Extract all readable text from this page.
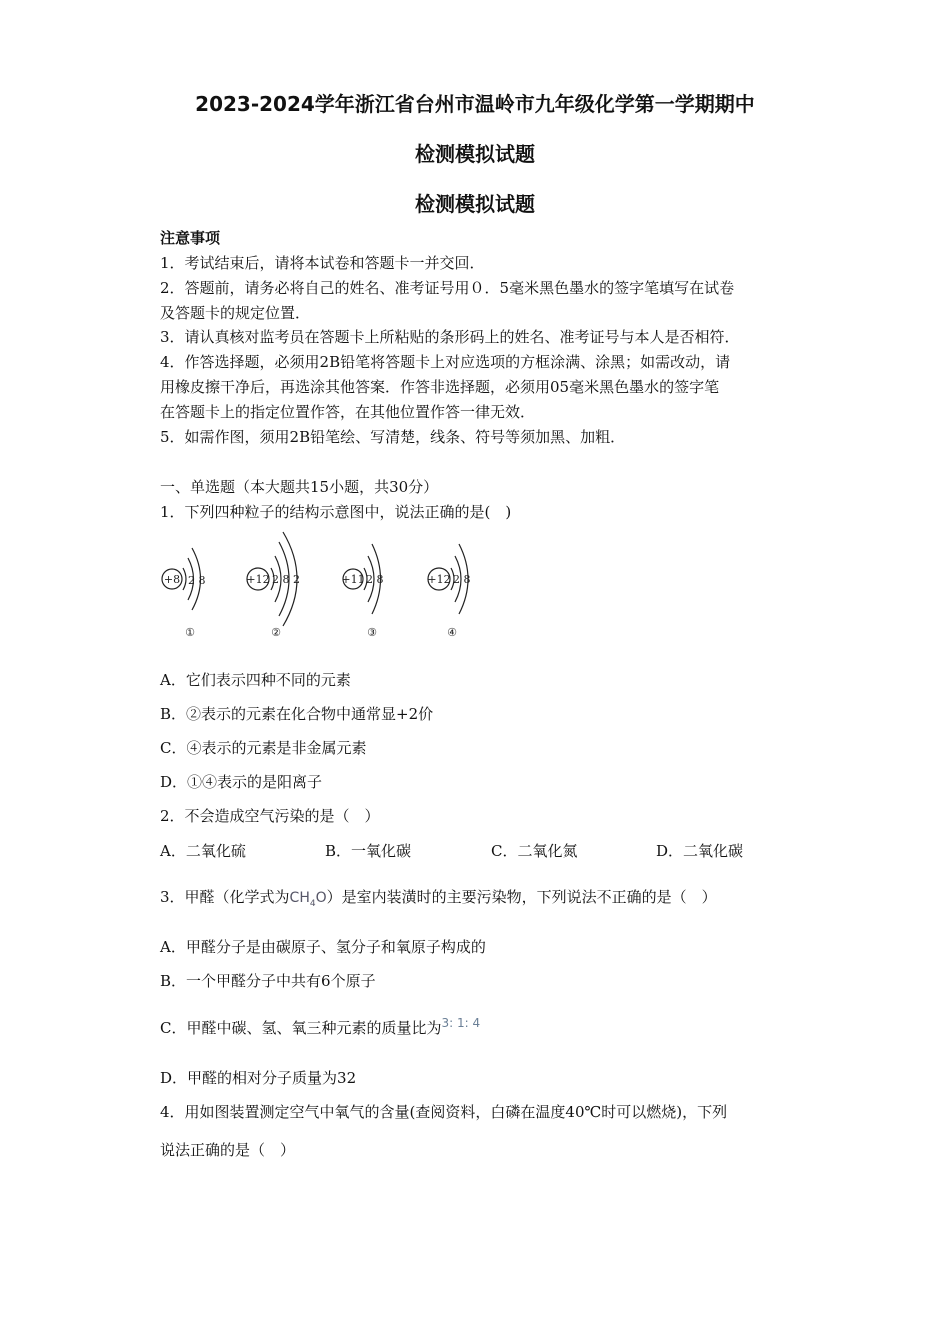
2023-2024学年浙江省台州市温岭市九年级化学第一学期期中
检测模拟试题
检测模拟试题
注意事项
1．考试结束后，请将本试卷和答题卡一并交回．
2．答题前，请务必将自己的姓名、准考证号用０．5毫米黑色墨水的签字笔填写在试卷
及答题卡的规定位置．
3．请认真核对监考员在答题卡上所粘贴的条形码上的姓名、准考证号与本人是否相符．
4．作答选择题，必须用2B铅笔将答题卡上对应选项的方框涂满、涂黑；如需改动，请
用橡皮擦干净后，再选涂其他答案．作答非选择题，必须用05毫米黑色墨水的签字笔
在答题卡上的指定位置作答，在其他位置作答一律无效．
5．如需作图，须用2B铅笔绘、写清楚，线条、符号等须加黑、加粗．
一、单选题（本大题共15小题，共30分）
1．下列四种粒子的结构示意图中，说法正确的是(　)
+8 2 8
①
+12 2 8 2
②
+11 2 8
③
+12 2 8
④
A．它们表示四种不同的元素
B．②表示的元素在化合物中通常显+2价
C．④表示的元素是非金属元素
D．①④表示的是阳离子
2．不会造成空气污染的是（　）
A．二氧化硫	B．一氧化碳	C．二氧化氮	D．二氧化碳
3．甲醛（化学式为$CH_4O$）是室内装潢时的主要污染物，下列说法不正确的是（　）
A．甲醛分子是由碳原子、氢分子和氧原子构成的
B．一个甲醛分子中共有6个原子
C．甲醛中碳、氢、氧三种元素的质量比为$^{3: 1: 4}$
D．甲醛的相对分子质量为32
4．用如图装置测定空气中氧气的含量(查阅资料，白磷在温度40℃时可以燃烧)，下列
说法正确的是（　）
